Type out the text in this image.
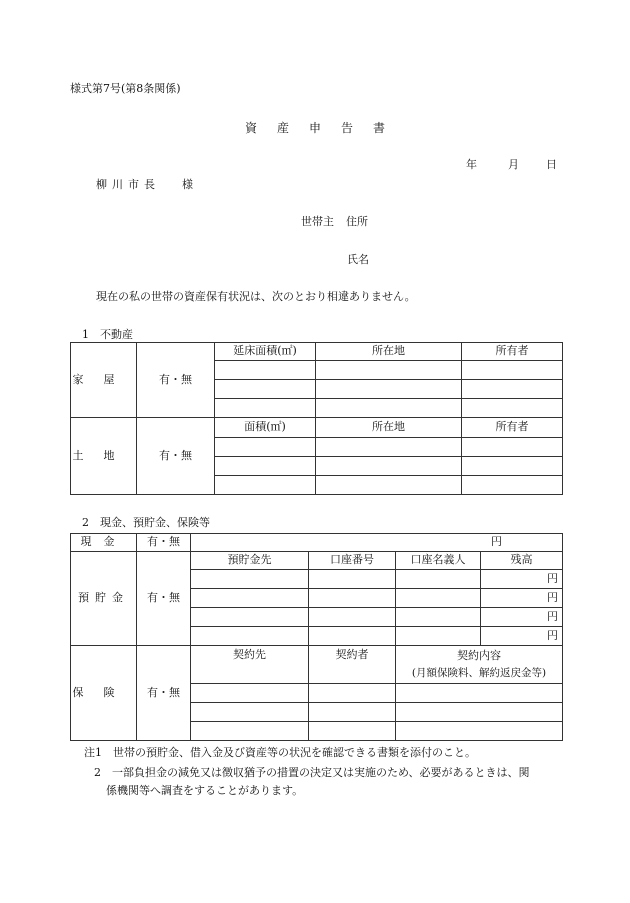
様式第7号(第8条関係)
資産申告書
年	月 日
柳川市長 様
世帯主 住所
氏名
現在の私の世帯の資産保有状況は、次のとおり相違ありません。
1　不動産
家屋	有・無	延床面積(㎡)	所在地	所有者

土地	有・無	面積(㎡)	所在地	所有者

2　現金、預貯金、保険等
現金	有・無	円			
預貯金	有・無	預貯金先	口座番号	口座名義人	残高
					円
					円
					円
					円
保険	有・無	契約先	契約者	契約内容
(月額保険料、解約返戻金等)	

注1　世帯の預貯金、借入金及び資産等の状況を確認できる書類を添付のこと。
2　一部負担金の減免又は徴収猶予の措置の決定又は実施のため、必要があるときは、関
係機関等へ調査をすることがあります。
